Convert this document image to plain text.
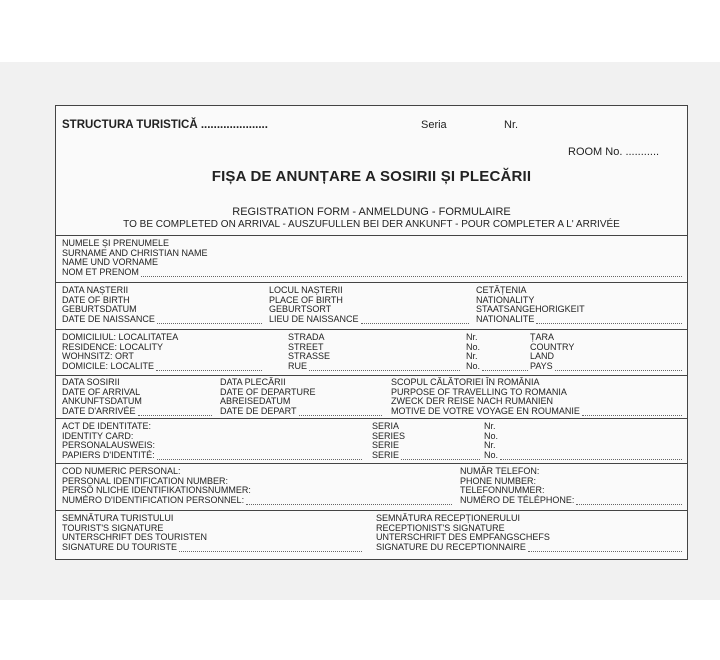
STRUCTURA TURISTICĂ .....................	Seria	Nr.
ROOM No. ...........
FIȘA DE ANUNȚARE A SOSIRII ȘI PLECĂRII
REGISTRATION FORM - ANMELDUNG - FORMULAIRE
TO BE COMPLETED ON ARRIVAL - AUSZUFULLEN BEI DER ANKUNFT - POUR COMPLETER A L' ARRIVÉE
NUMELE ȘI PRENUMELE
SURNAME AND CHRISTIAN NAME
NAME UND VORNAME
NOM ET PRENOM
DATA NAȘTERII
DATE OF BIRTH
GEBURTSDATUM
DATE DE NAISSANCE
LOCUL NAȘTERII
PLACE OF BIRTH
GEBURTSORT
LIEU DE NAISSANCE
CETĂȚENIA
NATIONALITY
STAATSANGEHORIGKEIT
NATIONALITE
DOMICILIUL: LOCALITATEA
RESIDENCE: LOCALITY
WOHNSITZ: ORT
DOMICILE: LOCALITE
STRADA
STREET
STRASSE
RUE
Nr.
No.
Nr.
No.
ȚARA
COUNTRY
LAND
PAYS
DATA SOSIRII
DATE OF ARRIVAL
ANKUNFTSDATUM
DATE D'ARRIVÉE
DATA PLECĂRII
DATE OF DEPARTURE
ABREISEDATUM
DATE DE DEPART
SCOPUL CĂLĂTORIEI ÎN ROMÂNIA
PURPOSE OF TRAVELLING TO ROMANIA
ZWECK DER REISE NACH RUMANIEN
MOTIVE DE VOTRE VOYAGE EN ROUMANIE
ACT DE IDENTITATE:
IDENTITY CARD:
PERSONALAUSWEIS:
PAPIERS D'IDENTITÉ:
SERIA
SERIES
SERIE
SERIE
Nr.
No.
Nr.
No.
COD NUMERIC PERSONAL:
PERSONAL IDENTIFICATION NUMBER:
PERSÖ NLICHE IDENTIFIKATIONSNUMMER:
NUMÉRO D'IDENTIFICATION PERSONNEL:
NUMĂR TELEFON:
PHONE NUMBER:
TELEFONNUMMER:
NUMÉRO DE TÉLÉPHONE:
SEMNĂTURA TURISTULUI
TOURIST'S SIGNATURE
UNTERSCHRIFT DES TOURISTEN
SIGNATURE DU TOURISTE
SEMNĂTURA RECEPȚIONERULUI
RECEPTIONIST'S SIGNATURE
UNTERSCHRIFT DES EMPFANGSCHEFS
SIGNATURE DU RECEPTIONNAIRE
